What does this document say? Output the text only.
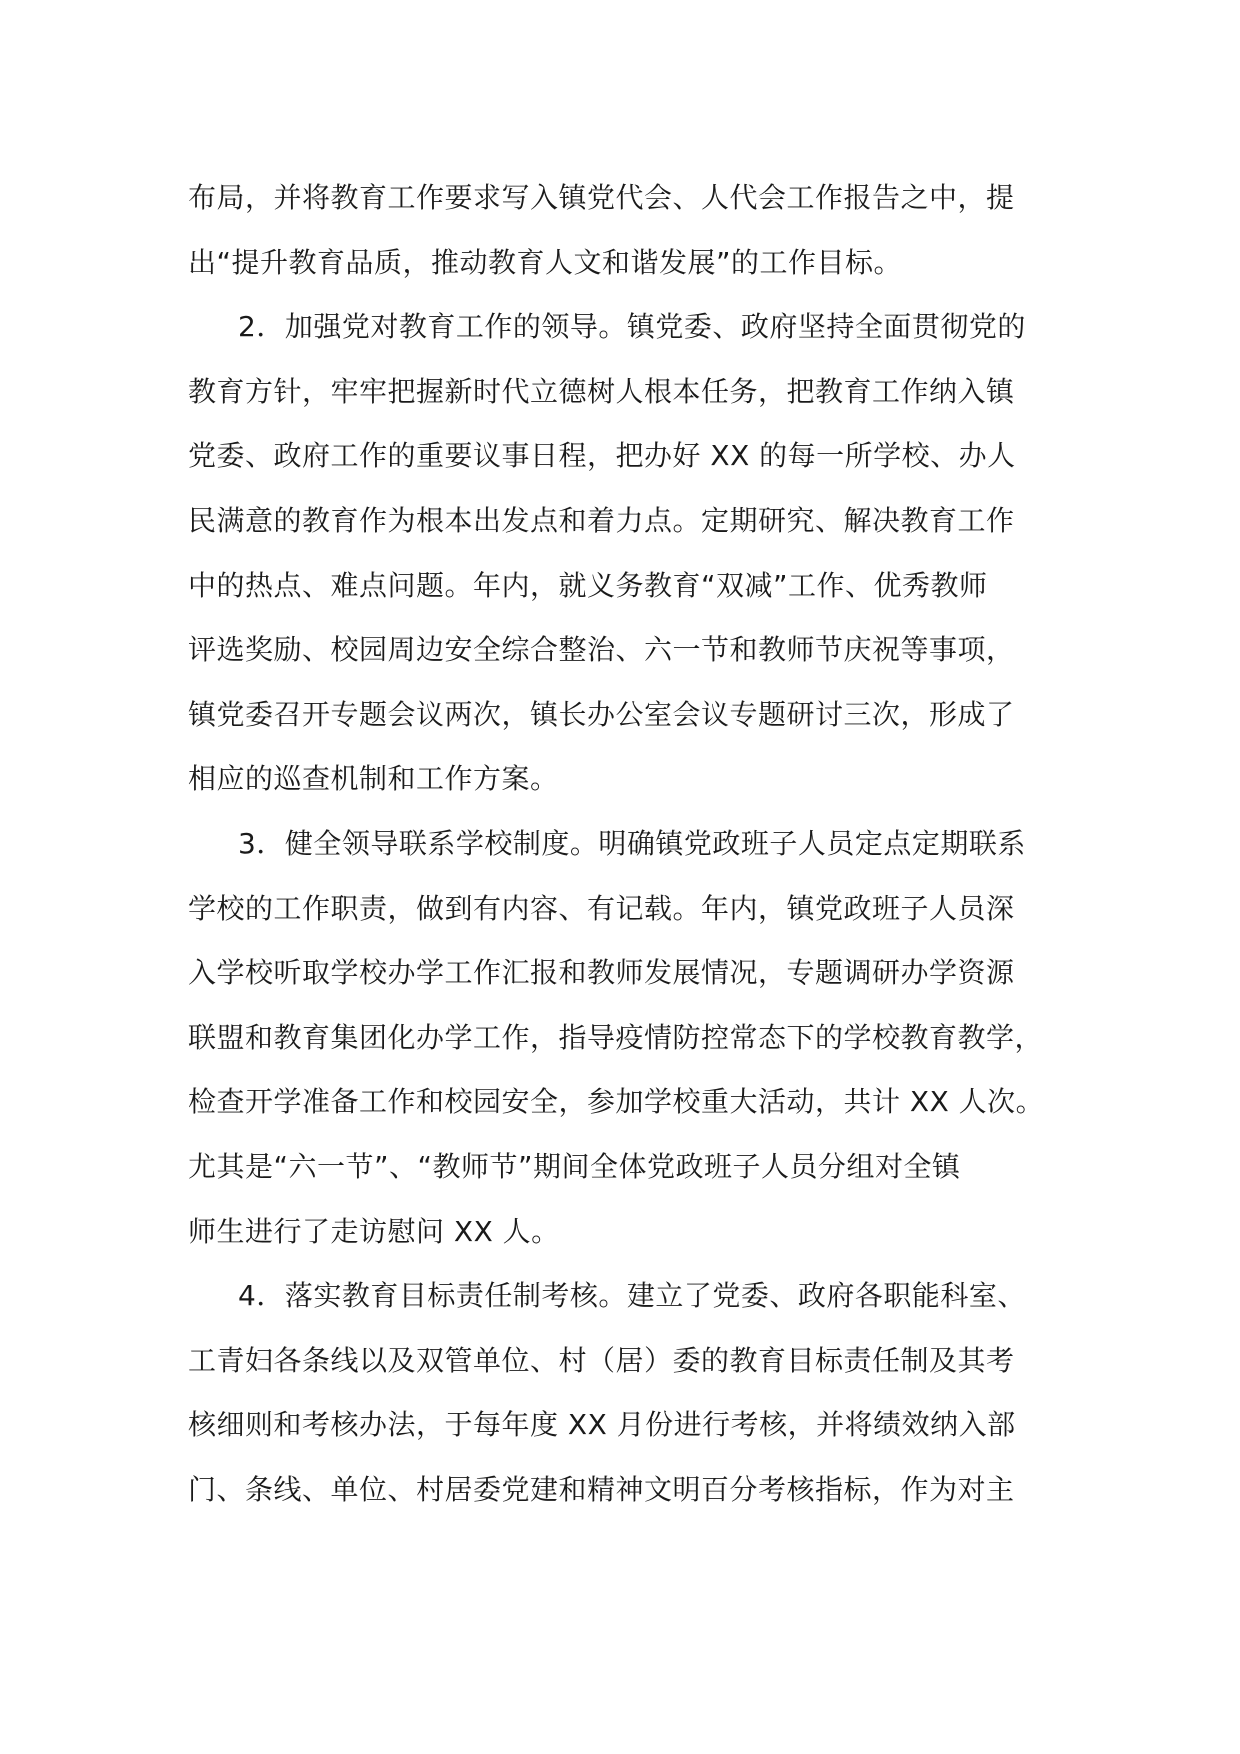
布局，并将教育工作要求写入镇党代会、人代会工作报告之中，提
出“提升教育品质，推动教育人文和谐发展”的工作目标。
2．加强党对教育工作的领导。镇党委、政府坚持全面贯彻党的
教育方针，牢牢把握新时代立德树人根本任务，把教育工作纳入镇
党委、政府工作的重要议事日程，把办好 XX 的每一所学校、办人
民满意的教育作为根本出发点和着力点。定期研究、解决教育工作
中的热点、难点问题。年内，就义务教育“双减”工作、优秀教师
评选奖励、校园周边安全综合整治、六一节和教师节庆祝等事项，
镇党委召开专题会议两次，镇长办公室会议专题研讨三次，形成了
相应的巡查机制和工作方案。
3．健全领导联系学校制度。明确镇党政班子人员定点定期联系
学校的工作职责，做到有内容、有记载。年内，镇党政班子人员深
入学校听取学校办学工作汇报和教师发展情况，专题调研办学资源
联盟和教育集团化办学工作，指导疫情防控常态下的学校教育教学，
检查开学准备工作和校园安全，参加学校重大活动，共计 XX 人次。
尤其是“六一节”、“教师节”期间全体党政班子人员分组对全镇
师生进行了走访慰问 XX 人。
4．落实教育目标责任制考核。建立了党委、政府各职能科室、
工青妇各条线以及双管单位、村（居）委的教育目标责任制及其考
核细则和考核办法，于每年度 XX 月份进行考核，并将绩效纳入部
门、条线、单位、村居委党建和精神文明百分考核指标，作为对主
